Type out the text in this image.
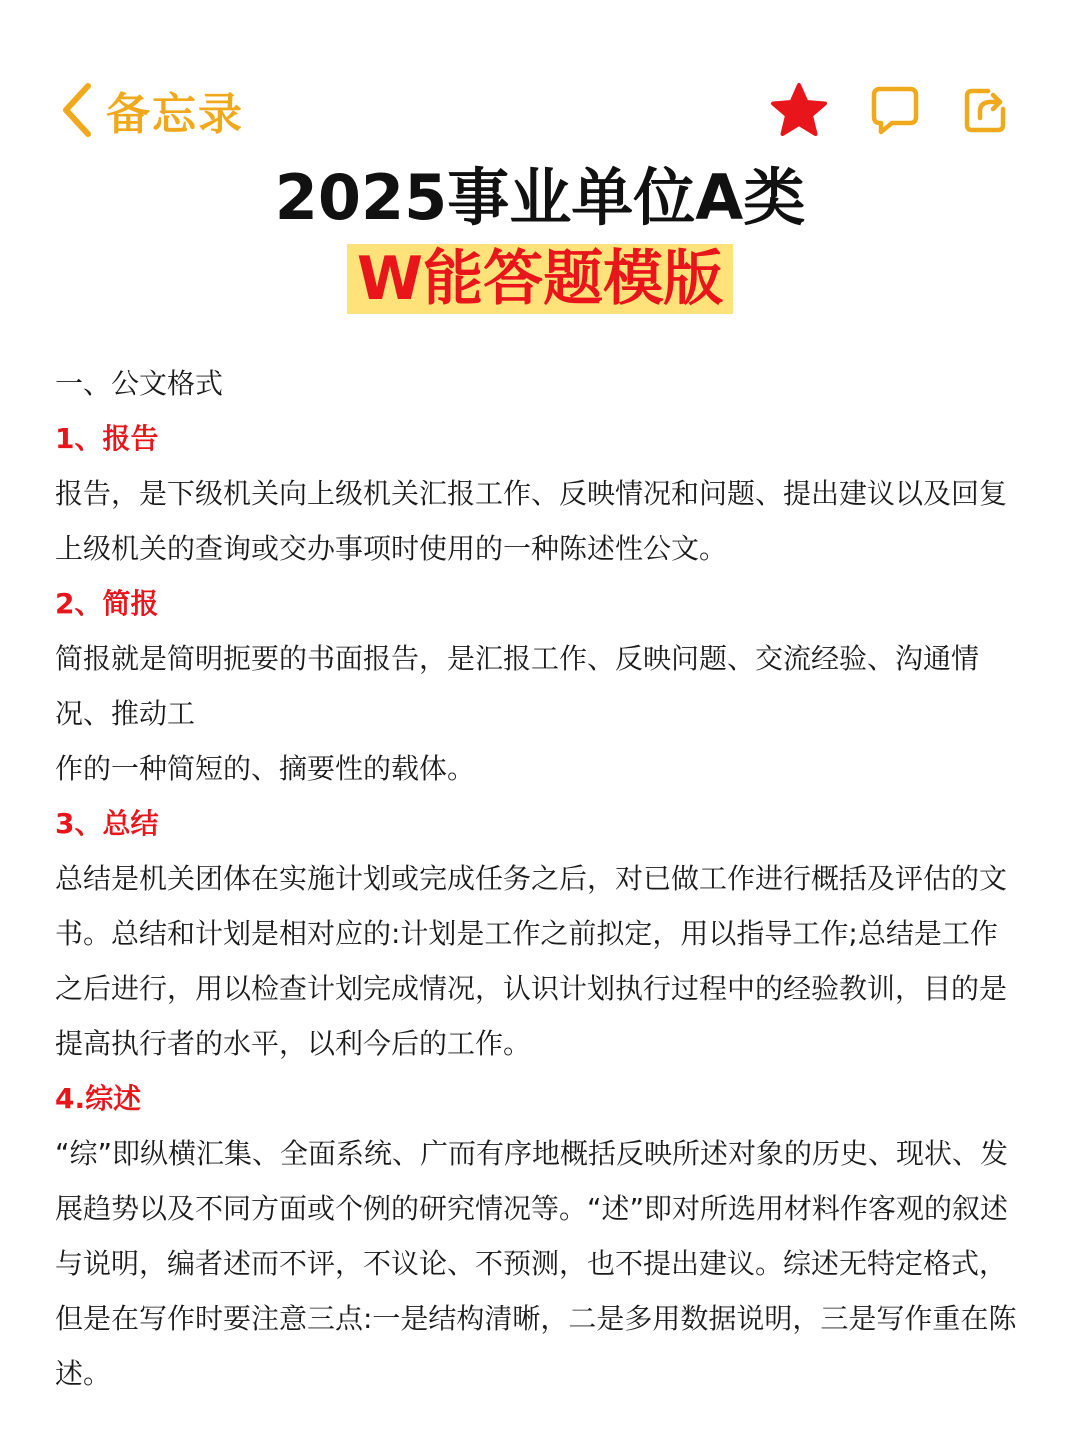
备忘录
2025事业单位A类
W能答题模版

一、公文格式

1、报告

报告，是下级机关向上级机关汇报工作、反映情况和问题、提出建议以及回复上级机关的查询或交办事项时使用的一种陈述性公文。

2、简报

简报就是简明扼要的书面报告，是汇报工作、反映问题、交流经验、沟通情况、推动工

作的一种简短的、摘要性的载体。

3、总结

总结是机关团体在实施计划或完成任务之后，对已做工作进行概括及评估的文书。总结和计划是相对应的:计划是工作之前拟定，用以指导工作;总结是工作之后进行，用以检查计划完成情况，认识计划执行过程中的经验教训，目的是提高执行者的水平，以利今后的工作。

4.综述

“综”即纵横汇集、全面系统、广而有序地概括反映所述对象的历史、现状、发展趋势以及不同方面或个例的研究情况等。“述”即对所选用材料作客观的叙述与说明，编者述而不评，不议论、不预测，也不提出建议。综述无特定格式，但是在写作时要注意三点:一是结构清晰，二是多用数据说明，三是写作重在陈述。
